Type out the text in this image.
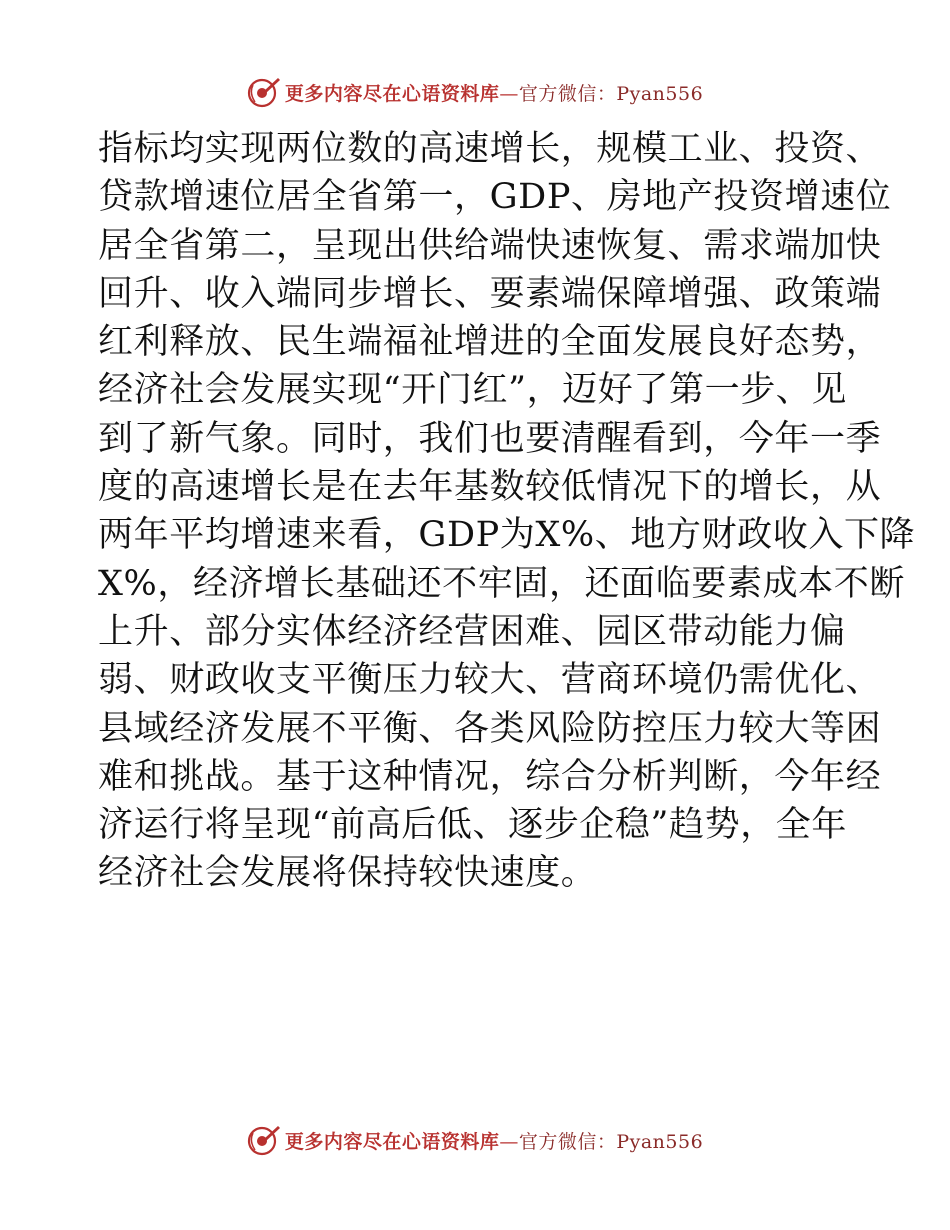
更多内容尽在心语资料库—官方微信：Pyan556
指标均实现两位数的高速增长，规模工业、投资、
贷款增速位居全省第一，GDP、房地产投资增速位
居全省第二，呈现出供给端快速恢复、需求端加快
回升、收入端同步增长、要素端保障增强、政策端
红利释放、民生端福祉增进的全面发展良好态势，
经济社会发展实现“开门红”，迈好了第一步、见
到了新气象。同时，我们也要清醒看到，今年一季
度的高速增长是在去年基数较低情况下的增长，从
两年平均增速来看，GDP为X%、地方财政收入下降
X%，经济增长基础还不牢固，还面临要素成本不断
上升、部分实体经济经营困难、园区带动能力偏
弱、财政收支平衡压力较大、营商环境仍需优化、
县域经济发展不平衡、各类风险防控压力较大等困
难和挑战。基于这种情况，综合分析判断，今年经
济运行将呈现“前高后低、逐步企稳”趋势，全年
经济社会发展将保持较快速度。
更多内容尽在心语资料库—官方微信：Pyan556
